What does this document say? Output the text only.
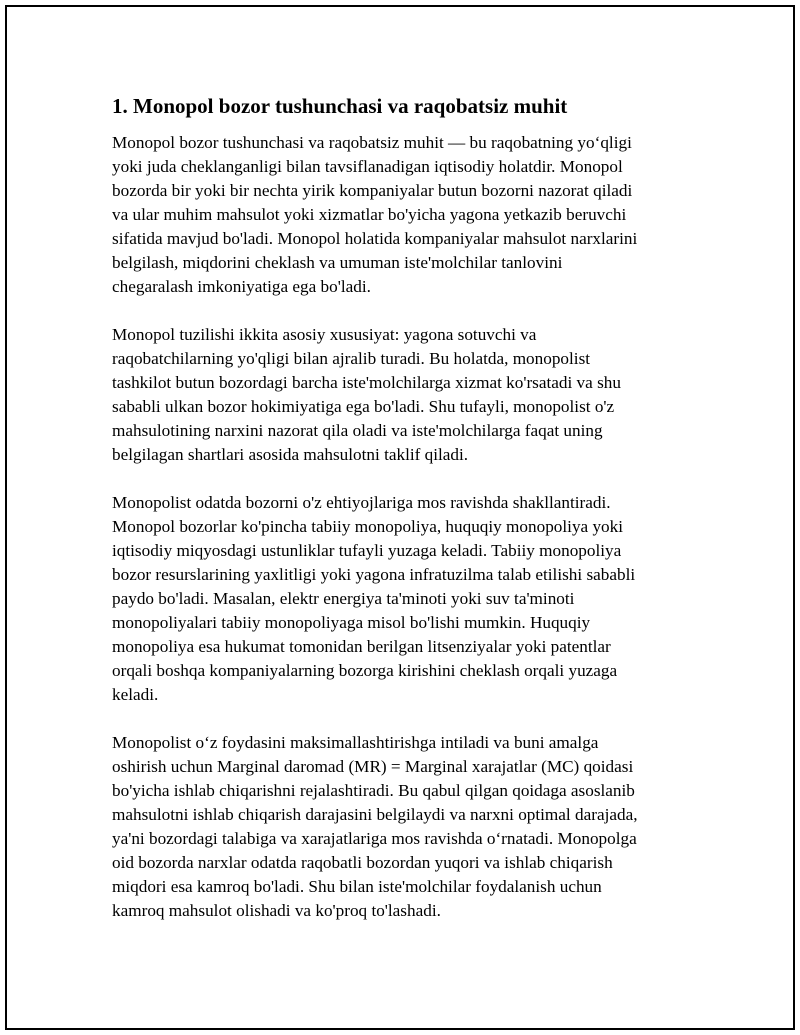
1. Monopol bozor tushunchasi va raqobatsiz muhit
Monopol bozor tushunchasi va raqobatsiz muhit — bu raqobatning yo‘qligi
yoki juda cheklanganligi bilan tavsiflanadigan iqtisodiy holatdir. Monopol
bozorda bir yoki bir nechta yirik kompaniyalar butun bozorni nazorat qiladi
va ular muhim mahsulot yoki xizmatlar bo'yicha yagona yetkazib beruvchi
sifatida mavjud bo'ladi. Monopol holatida kompaniyalar mahsulot narxlarini
belgilash, miqdorini cheklash va umuman iste'molchilar tanlovini
chegaralash imkoniyatiga ega bo'ladi.
Monopol tuzilishi ikkita asosiy xususiyat: yagona sotuvchi va
raqobatchilarning yo'qligi bilan ajralib turadi. Bu holatda, monopolist
tashkilot butun bozordagi barcha iste'molchilarga xizmat ko'rsatadi va shu
sababli ulkan bozor hokimiyatiga ega bo'ladi. Shu tufayli, monopolist o'z
mahsulotining narxini nazorat qila oladi va iste'molchilarga faqat uning
belgilagan shartlari asosida mahsulotni taklif qiladi.
Monopolist odatda bozorni o'z ehtiyojlariga mos ravishda shakllantiradi.
Monopol bozorlar ko'pincha tabiiy monopoliya, huquqiy monopoliya yoki
iqtisodiy miqyosdagi ustunliklar tufayli yuzaga keladi. Tabiiy monopoliya
bozor resurslarining yaxlitligi yoki yagona infratuzilma talab etilishi sababli
paydo bo'ladi. Masalan, elektr energiya ta'minoti yoki suv ta'minoti
monopoliyalari tabiiy monopoliyaga misol bo'lishi mumkin. Huquqiy
monopoliya esa hukumat tomonidan berilgan litsenziyalar yoki patentlar
orqali boshqa kompaniyalarning bozorga kirishini cheklash orqali yuzaga
keladi.
Monopolist o‘z foydasini maksimallashtirishga intiladi va buni amalga
oshirish uchun Marginal daromad (MR) = Marginal xarajatlar (MC) qoidasi
bo'yicha ishlab chiqarishni rejalashtiradi. Bu qabul qilgan qoidaga asoslanib
mahsulotni ishlab chiqarish darajasini belgilaydi va narxni optimal darajada,
ya'ni bozordagi talabiga va xarajatlariga mos ravishda o‘rnatadi. Monopolga
oid bozorda narxlar odatda raqobatli bozordan yuqori va ishlab chiqarish
miqdori esa kamroq bo'ladi. Shu bilan iste'molchilar foydalanish uchun
kamroq mahsulot olishadi va ko'proq to'lashadi.
